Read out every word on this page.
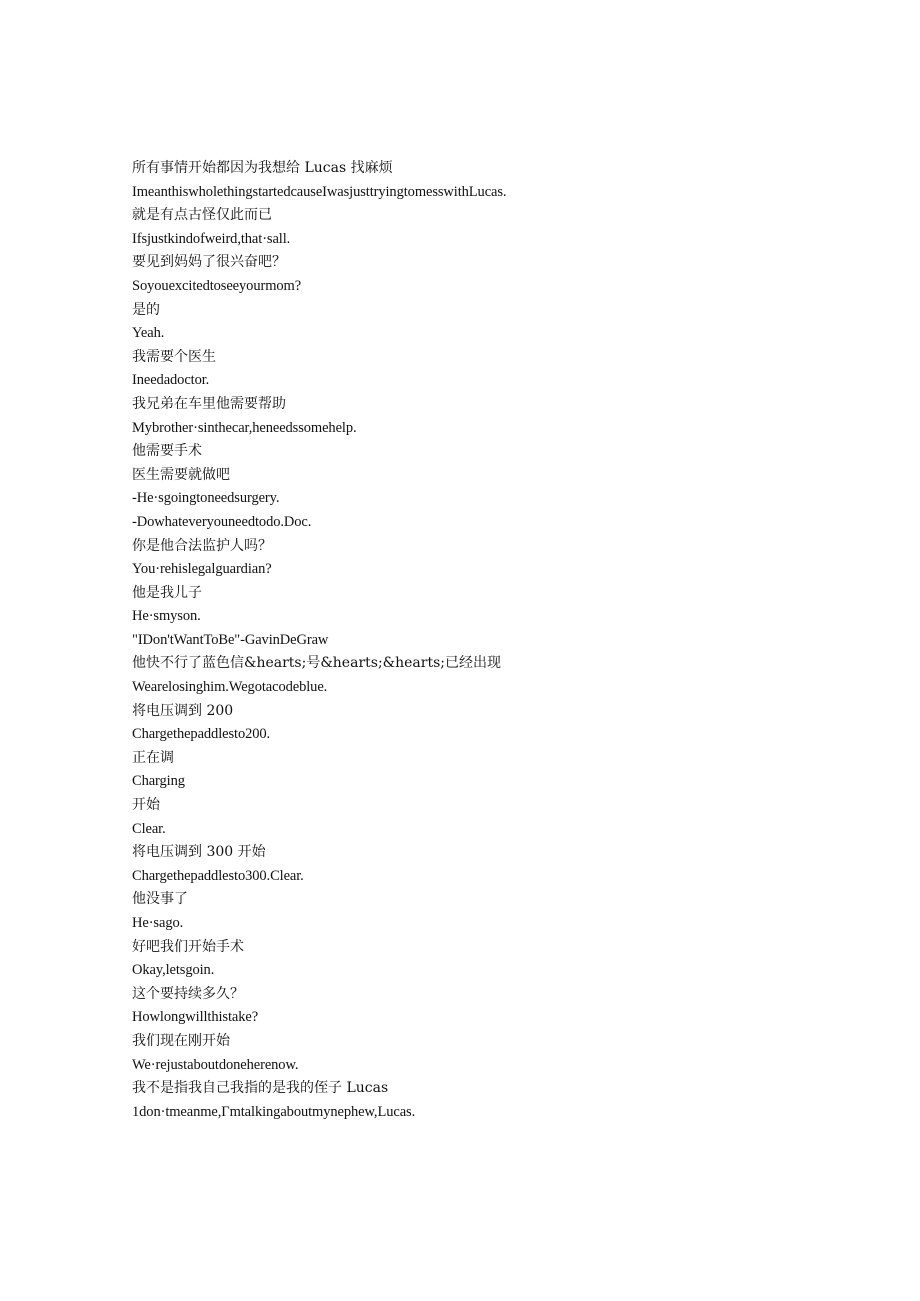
所有事情开始都因为我想给 Lucas 找麻烦
ImeanthiswholethingstartedcauseIwasjusttryingtomesswithLucas.
就是有点古怪仅此而已
Ifsjustkindofweird,that·sall.
要见到妈妈了很兴奋吧？
Soyouexcitedtoseeyourmom?
是的
Yeah.
我需要个医生
Ineedadoctor.
我兄弟在车里他需要帮助
Mybrother·sinthecar,heneedssomehelp.
他需要手术
医生需要就做吧
-He·sgoingtoneedsurgery.
-Dowhateveryouneedtodo.Doc.
你是他合法监护人吗？
You·rehislegalguardian?
他是我儿子
He·smyson.
"IDon'tWantToBe"-GavinDeGraw
他快不行了蓝色信&hearts;号&hearts;&hearts;已经出现
Wearelosinghim.Wegotacodeblue.
将电压调到 200
Chargethepaddlesto200.
正在调
Charging
开始
Clear.
将电压调到 300 开始
Chargethepaddlesto300.Clear.
他没事了
He·sago.
好吧我们开始手术
Okay,letsgoin.
这个要持续多久？
Howlongwillthistake?
我们现在刚开始
We·rejustaboutdoneherenow.
我不是指我自己我指的是我的侄子 Lucas
1don·tmeanme,Γmtalkingaboutmynephew,Lucas.
